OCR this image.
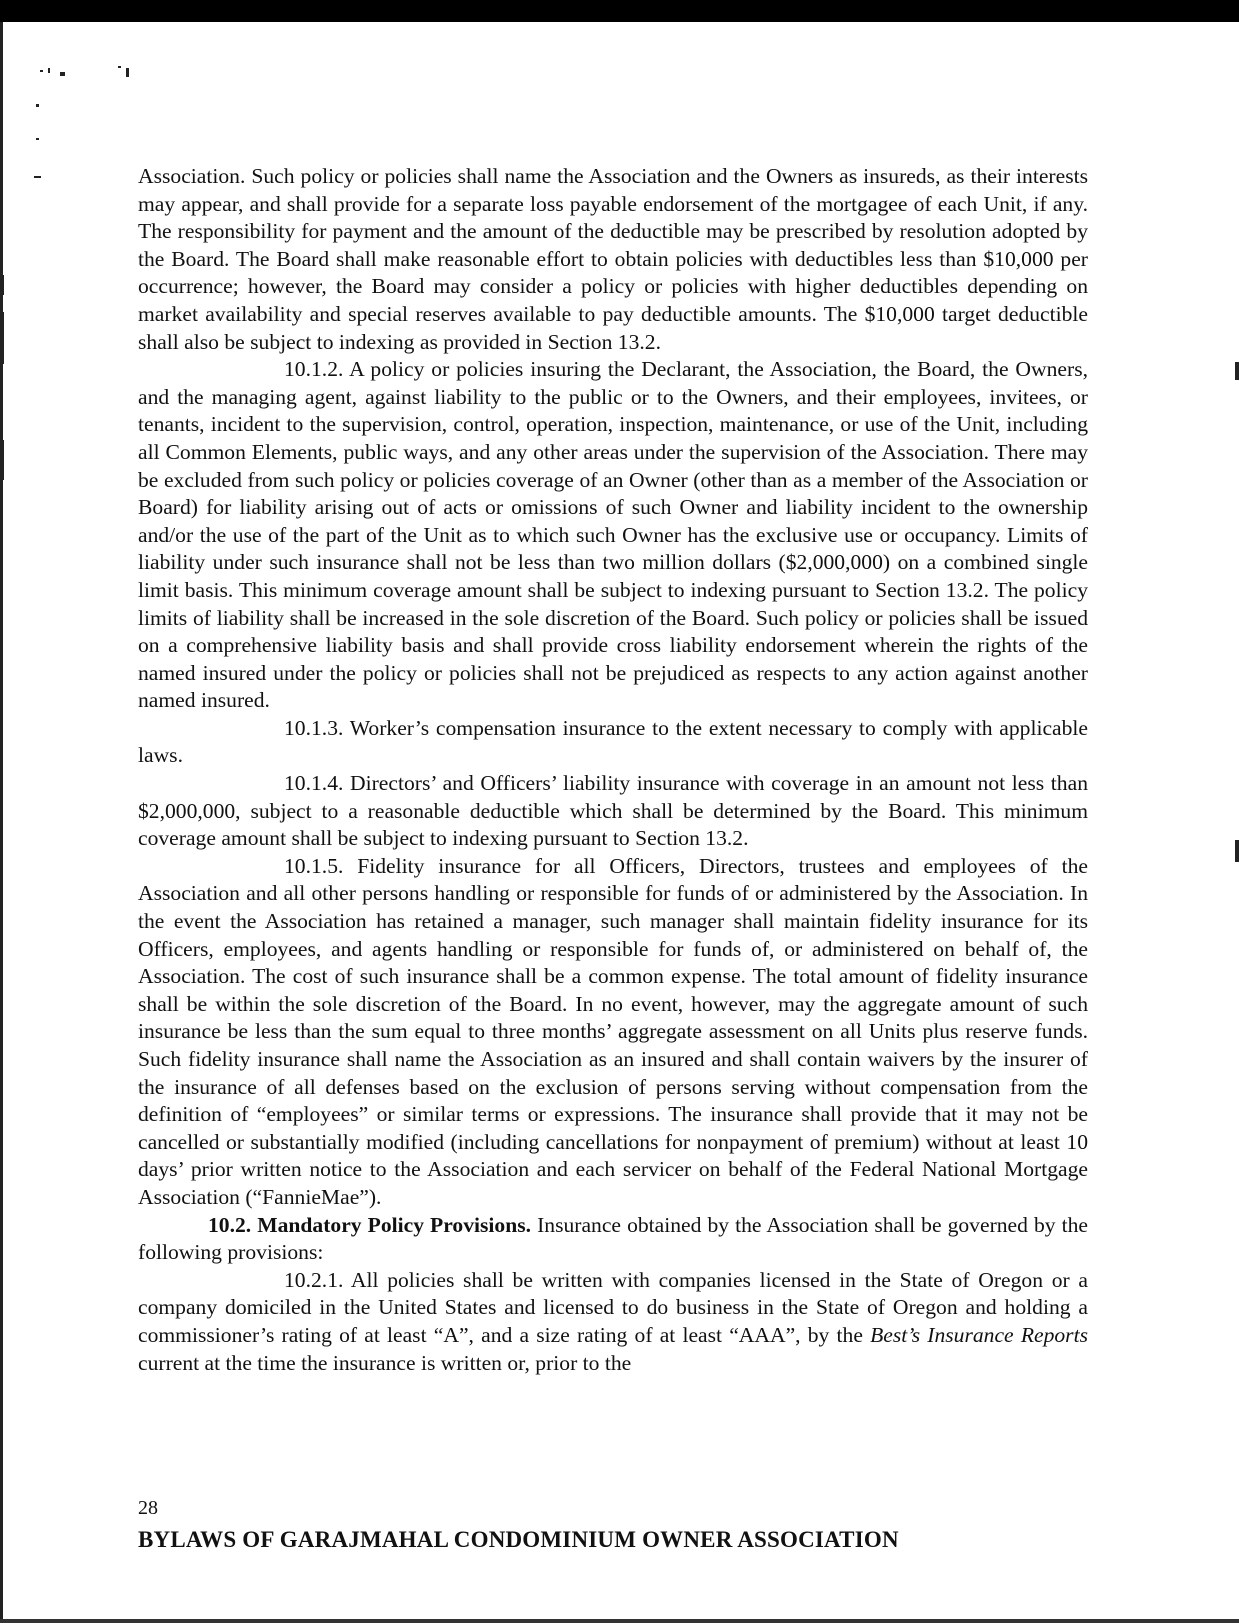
Association. Such policy or policies shall name the Association and the Owners as insureds, as their interests may appear, and shall provide for a separate loss payable endorsement of the mortgagee of each Unit, if any. The responsibility for payment and the amount of the deductible may be prescribed by resolution adopted by the Board. The Board shall make reasonable effort to obtain policies with deductibles less than $10,000 per occurrence; however, the Board may consider a policy or policies with higher deductibles depending on market availability and special reserves available to pay deductible amounts. The $10,000 target deductible shall also be subject to indexing as provided in Section 13.2.

10.1.2. A policy or policies insuring the Declarant, the Association, the Board, the Owners, and the managing agent, against liability to the public or to the Owners, and their employees, invitees, or tenants, incident to the supervision, control, operation, inspection, maintenance, or use of the Unit, including all Common Elements, public ways, and any other areas under the supervision of the Association. There may be excluded from such policy or policies coverage of an Owner (other than as a member of the Association or Board) for liability arising out of acts or omissions of such Owner and liability incident to the ownership and/or the use of the part of the Unit as to which such Owner has the exclusive use or occupancy. Limits of liability under such insurance shall not be less than two million dollars ($2,000,000) on a combined single limit basis. This minimum coverage amount shall be subject to indexing pursuant to Section 13.2. The policy limits of liability shall be increased in the sole discretion of the Board. Such policy or policies shall be issued on a comprehensive liability basis and shall provide cross liability endorsement wherein the rights of the named insured under the policy or policies shall not be prejudiced as respects to any action against another named insured.

10.1.3. Worker’s compensation insurance to the extent necessary to comply with applicable laws.

10.1.4. Directors’ and Officers’ liability insurance with coverage in an amount not less than $2,000,000, subject to a reasonable deductible which shall be determined by the Board. This minimum coverage amount shall be subject to indexing pursuant to Section 13.2.

10.1.5. Fidelity insurance for all Officers, Directors, trustees and employees of the Association and all other persons handling or responsible for funds of or administered by the Association. In the event the Association has retained a manager, such manager shall maintain fidelity insurance for its Officers, employees, and agents handling or responsible for funds of, or administered on behalf of, the Association. The cost of such insurance shall be a common expense. The total amount of fidelity insurance shall be within the sole discretion of the Board. In no event, however, may the aggregate amount of such insurance be less than the sum equal to three months’ aggregate assessment on all Units plus reserve funds. Such fidelity insurance shall name the Association as an insured and shall contain waivers by the insurer of the insurance of all defenses based on the exclusion of persons serving without compensation from the definition of “employees” or similar terms or expressions. The insurance shall provide that it may not be cancelled or substantially modified (including cancellations for nonpayment of premium) without at least 10 days’ prior written notice to the Association and each servicer on behalf of the Federal National Mortgage Association (“FannieMae”).

10.2. Mandatory Policy Provisions. Insurance obtained by the Association shall be governed by the following provisions:

10.2.1. All policies shall be written with companies licensed in the State of Oregon or a company domiciled in the United States and licensed to do business in the State of Oregon and holding a commissioner’s rating of at least “A”, and a size rating of at least “AAA”, by the Best’s Insurance Reports current at the time the insurance is written or, prior to the

28
BYLAWS OF GARAJMAHAL CONDOMINIUM OWNER ASSOCIATION
